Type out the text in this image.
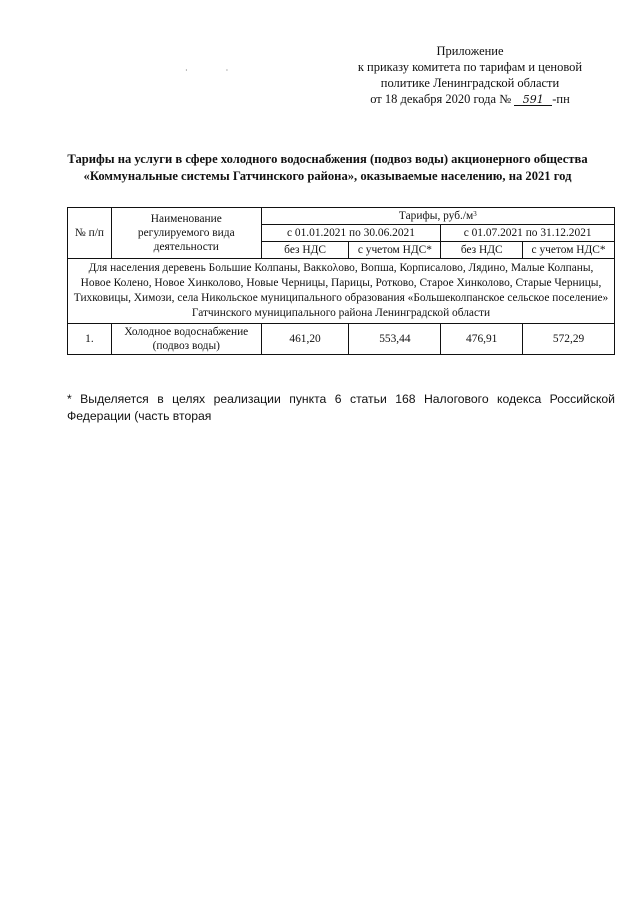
· ·
Приложение
к приказу комитета по тарифам и ценовой
политике Ленинградской области
от 18 декабря 2020 года № 591 -пн
Тарифы на услуги в сфере холодного водоснабжения (подвоз воды) акционерного общества
«Коммунальные системы Гатчинского района», оказываемые населению, на 2021 год
№ п/п	Наименование регулируемого вида деятельности	Тарифы, $руб./м^3$
		с 01.01.2021 по 30.06.2021		с 01.07.2021 по 31.12.2021	
		без НДС	с учетом НДС*	без НДС	с учетом НДС*
Для населения деревень Большие Колпаны, Ваккολово, Вопша, Корписалово, Лядино, Малые Колпаны, Новое Колено, Новое Хинколово, Новые Черницы, Парицы, Ротково, Старое Хинколово, Старые Черницы, Тихковицы, Химози, села Никольское муниципального образования «Большеколпанское сельское поселение» Гатчинского муниципального района Ленинградской области					
1.	Холодное водоснабжение (подвоз воды)	461,20	553,44	476,91	572,29
* Выделяется в целях реализации пункта 6 статьи 168 Налогового кодекса Российской Федерации (часть вторая
